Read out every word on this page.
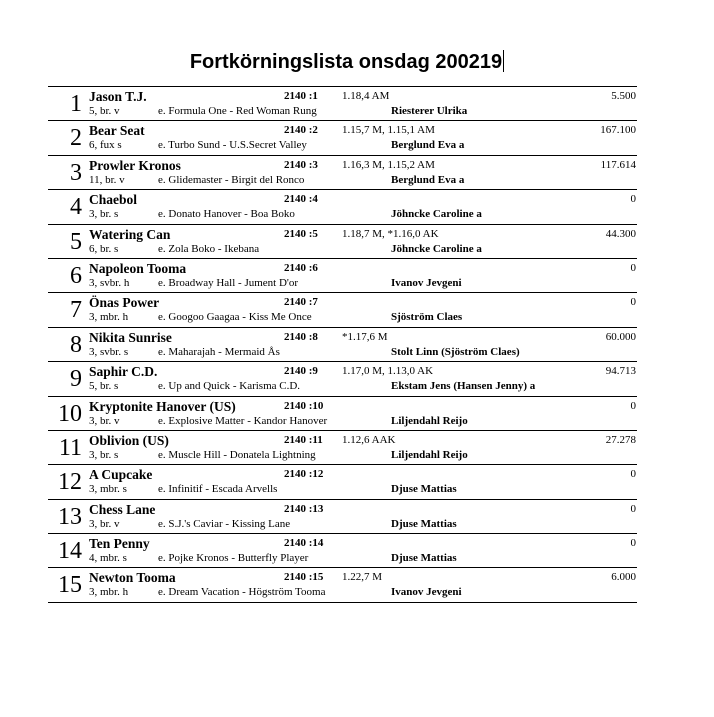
Fortkörningslista onsdag 200219
1 Jason T.J.
5, br. v	e. Formula One - Red Woman Rung
2140 :1 1.18,4 AM
Riesterer Ulrika
5.500
2 Bear Seat
6, fux s	e. Turbo Sund - U.S.Secret Valley
2140 :2 1.15,7 M, 1.15,1 AM
Berglund Eva a
167.100
3 Prowler Kronos
11, br. v	e. Glidemaster - Birgit del Ronco
2140 :3 1.16,3 M, 1.15,2 AM
Berglund Eva a
117.614
4 Chaebol
3, br. s	e. Donato Hanover - Boa Boko
2140 :4
Jöhncke Caroline a
0
5 Watering Can
6, br. s	e. Zola Boko - Ikebana
2140 :5 1.18,7 M, *1.16,0 AK
Jöhncke Caroline a
44.300
6 Napoleon Tooma
3, svbr. h	e. Broadway Hall - Jument D'or
2140 :6
Ivanov Jevgeni
0
7 Önas Power
3, mbr. h	e. Googoo Gaagaa - Kiss Me Once
2140 :7
Sjöström Claes
0
8 Nikita Sunrise
3, svbr. s	e. Maharajah - Mermaid Ås
2140 :8 *1.17,6 M
Stolt Linn (Sjöström Claes)
60.000
9 Saphir C.D.
5, br. s	e. Up and Quick - Karisma C.D.
2140 :9 1.17,0 M, 1.13,0 AK
Ekstam Jens (Hansen Jenny) a
94.713
10 Kryptonite Hanover (US)
3, br. v	e. Explosive Matter - Kandor Hanover
2140 :10
Liljendahl Reijo
0
11 Oblivion (US)
3, br. s	e. Muscle Hill - Donatela Lightning
2140 :11 1.12,6 AAK
Liljendahl Reijo
27.278
12 A Cupcake
3, mbr. s	e. Infinitif - Escada Arvells
2140 :12
Djuse Mattias
0
13 Chess Lane
3, br. v	e. S.J.'s Caviar - Kissing Lane
2140 :13
Djuse Mattias
0
14 Ten Penny
4, mbr. s	e. Pojke Kronos - Butterfly Player
2140 :14
Djuse Mattias
0
15 Newton Tooma
3, mbr. h	e. Dream Vacation - Högström Tooma
2140 :15 1.22,7 M
Ivanov Jevgeni
6.000
